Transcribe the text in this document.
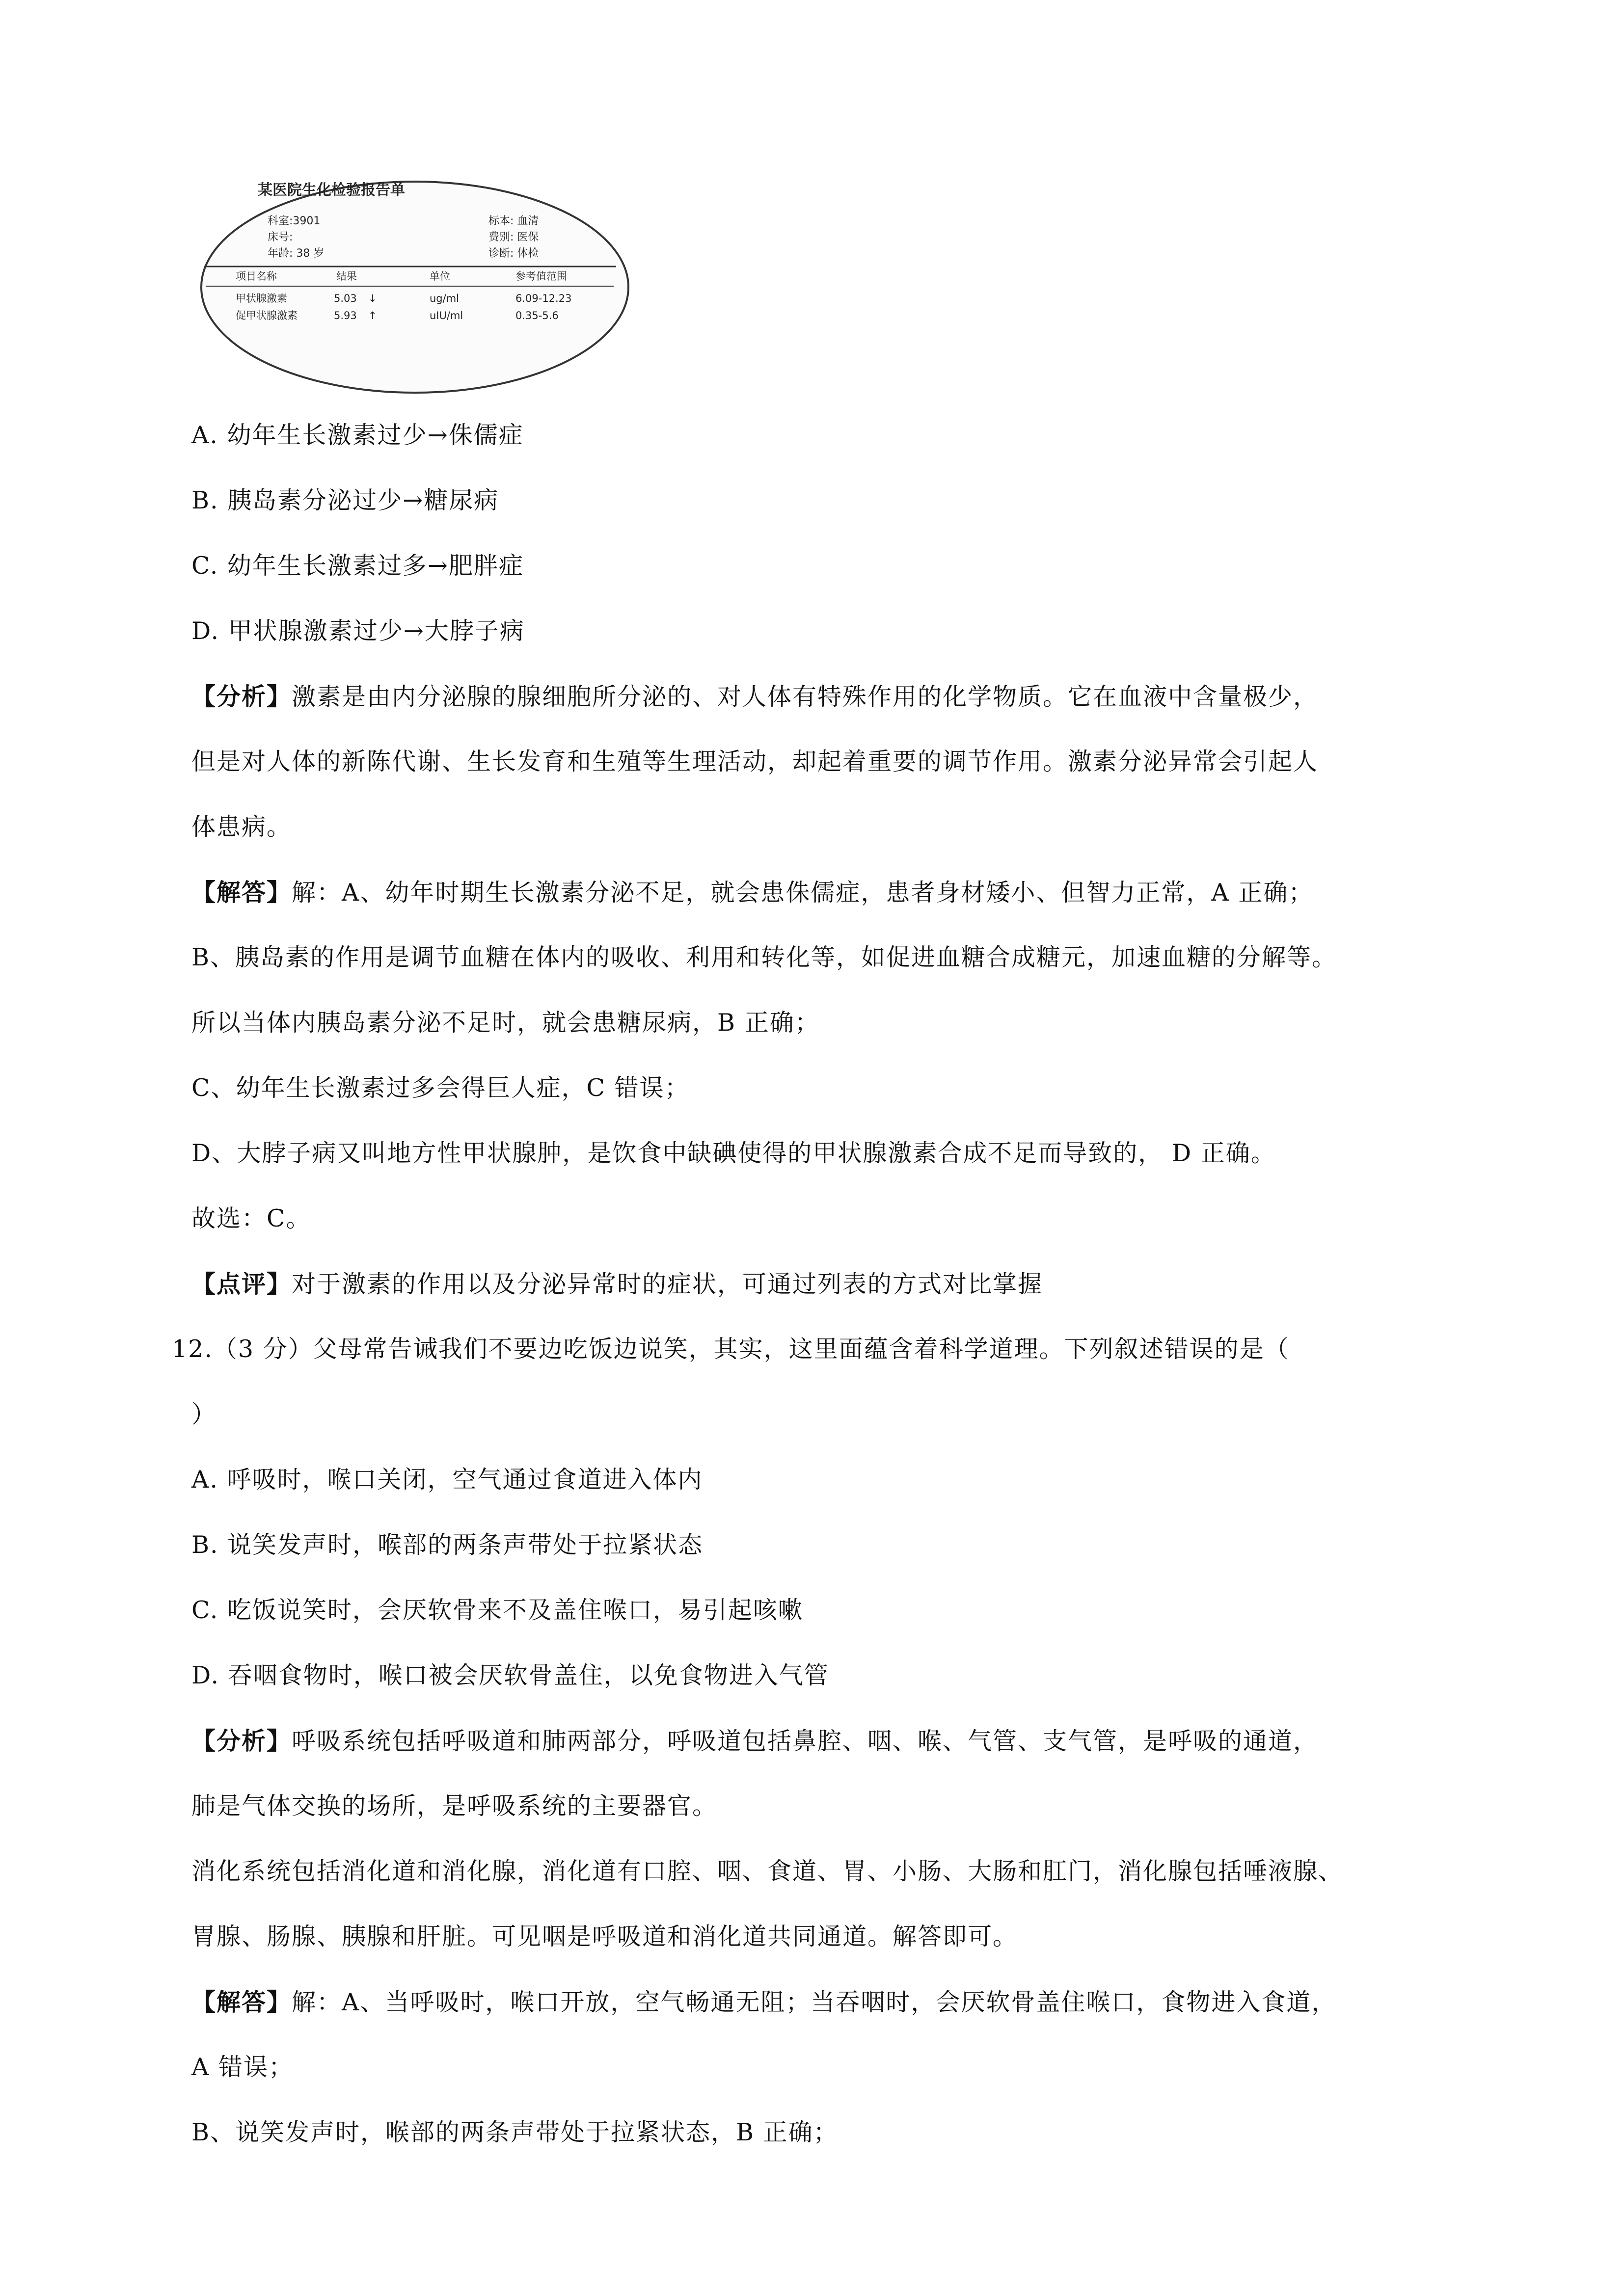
某医院生化检验报告单
科室:3901	标本: 血清
床号:	费别: 医保
年龄: 38 岁	诊断: 体检
项目名称	结果	单位	参考值范围
甲状腺激素	5.03 ↓	ug/ml	6.09-12.23
促甲状腺激素	5.93 ↑	uIU/ml	0.35-5.6
A. 幼年生长激素过少→侏儒症
B. 胰岛素分泌过少→糖尿病
C. 幼年生长激素过多→肥胖症
D. 甲状腺激素过少→大脖子病
【分析】激素是由内分泌腺的腺细胞所分泌的、对人体有特殊作用的化学物质。它在血液中含量极少，
但是对人体的新陈代谢、生长发育和生殖等生理活动，却起着重要的调节作用。激素分泌异常会引起人
体患病。
【解答】解：A、幼年时期生长激素分泌不足，就会患侏儒症，患者身材矮小、但智力正常，A 正确；
B、胰岛素的作用是调节血糖在体内的吸收、利用和转化等，如促进血糖合成糖元，加速血糖的分解等。
所以当体内胰岛素分泌不足时，就会患糖尿病，B 正确；
C、幼年生长激素过多会得巨人症，C 错误；
D、大脖子病又叫地方性甲状腺肿，是饮食中缺碘使得的甲状腺激素合成不足而导致的， D 正确。
故选：C。
【点评】对于激素的作用以及分泌异常时的症状，可通过列表的方式对比掌握
12.（3 分）父母常告诫我们不要边吃饭边说笑，其实，这里面蕴含着科学道理。下列叙述错误的是（
）
A. 呼吸时，喉口关闭，空气通过食道进入体内
B. 说笑发声时，喉部的两条声带处于拉紧状态
C. 吃饭说笑时，会厌软骨来不及盖住喉口，易引起咳嗽
D. 吞咽食物时，喉口被会厌软骨盖住，以免食物进入气管
【分析】呼吸系统包括呼吸道和肺两部分，呼吸道包括鼻腔、咽、喉、气管、支气管，是呼吸的通道，
肺是气体交换的场所，是呼吸系统的主要器官。
消化系统包括消化道和消化腺，消化道有口腔、咽、食道、胃、小肠、大肠和肛门，消化腺包括唾液腺、
胃腺、肠腺、胰腺和肝脏。可见咽是呼吸道和消化道共同通道。解答即可。
【解答】解：A、当呼吸时，喉口开放，空气畅通无阻；当吞咽时，会厌软骨盖住喉口，食物进入食道，
A 错误；
B、说笑发声时，喉部的两条声带处于拉紧状态，B 正确；
